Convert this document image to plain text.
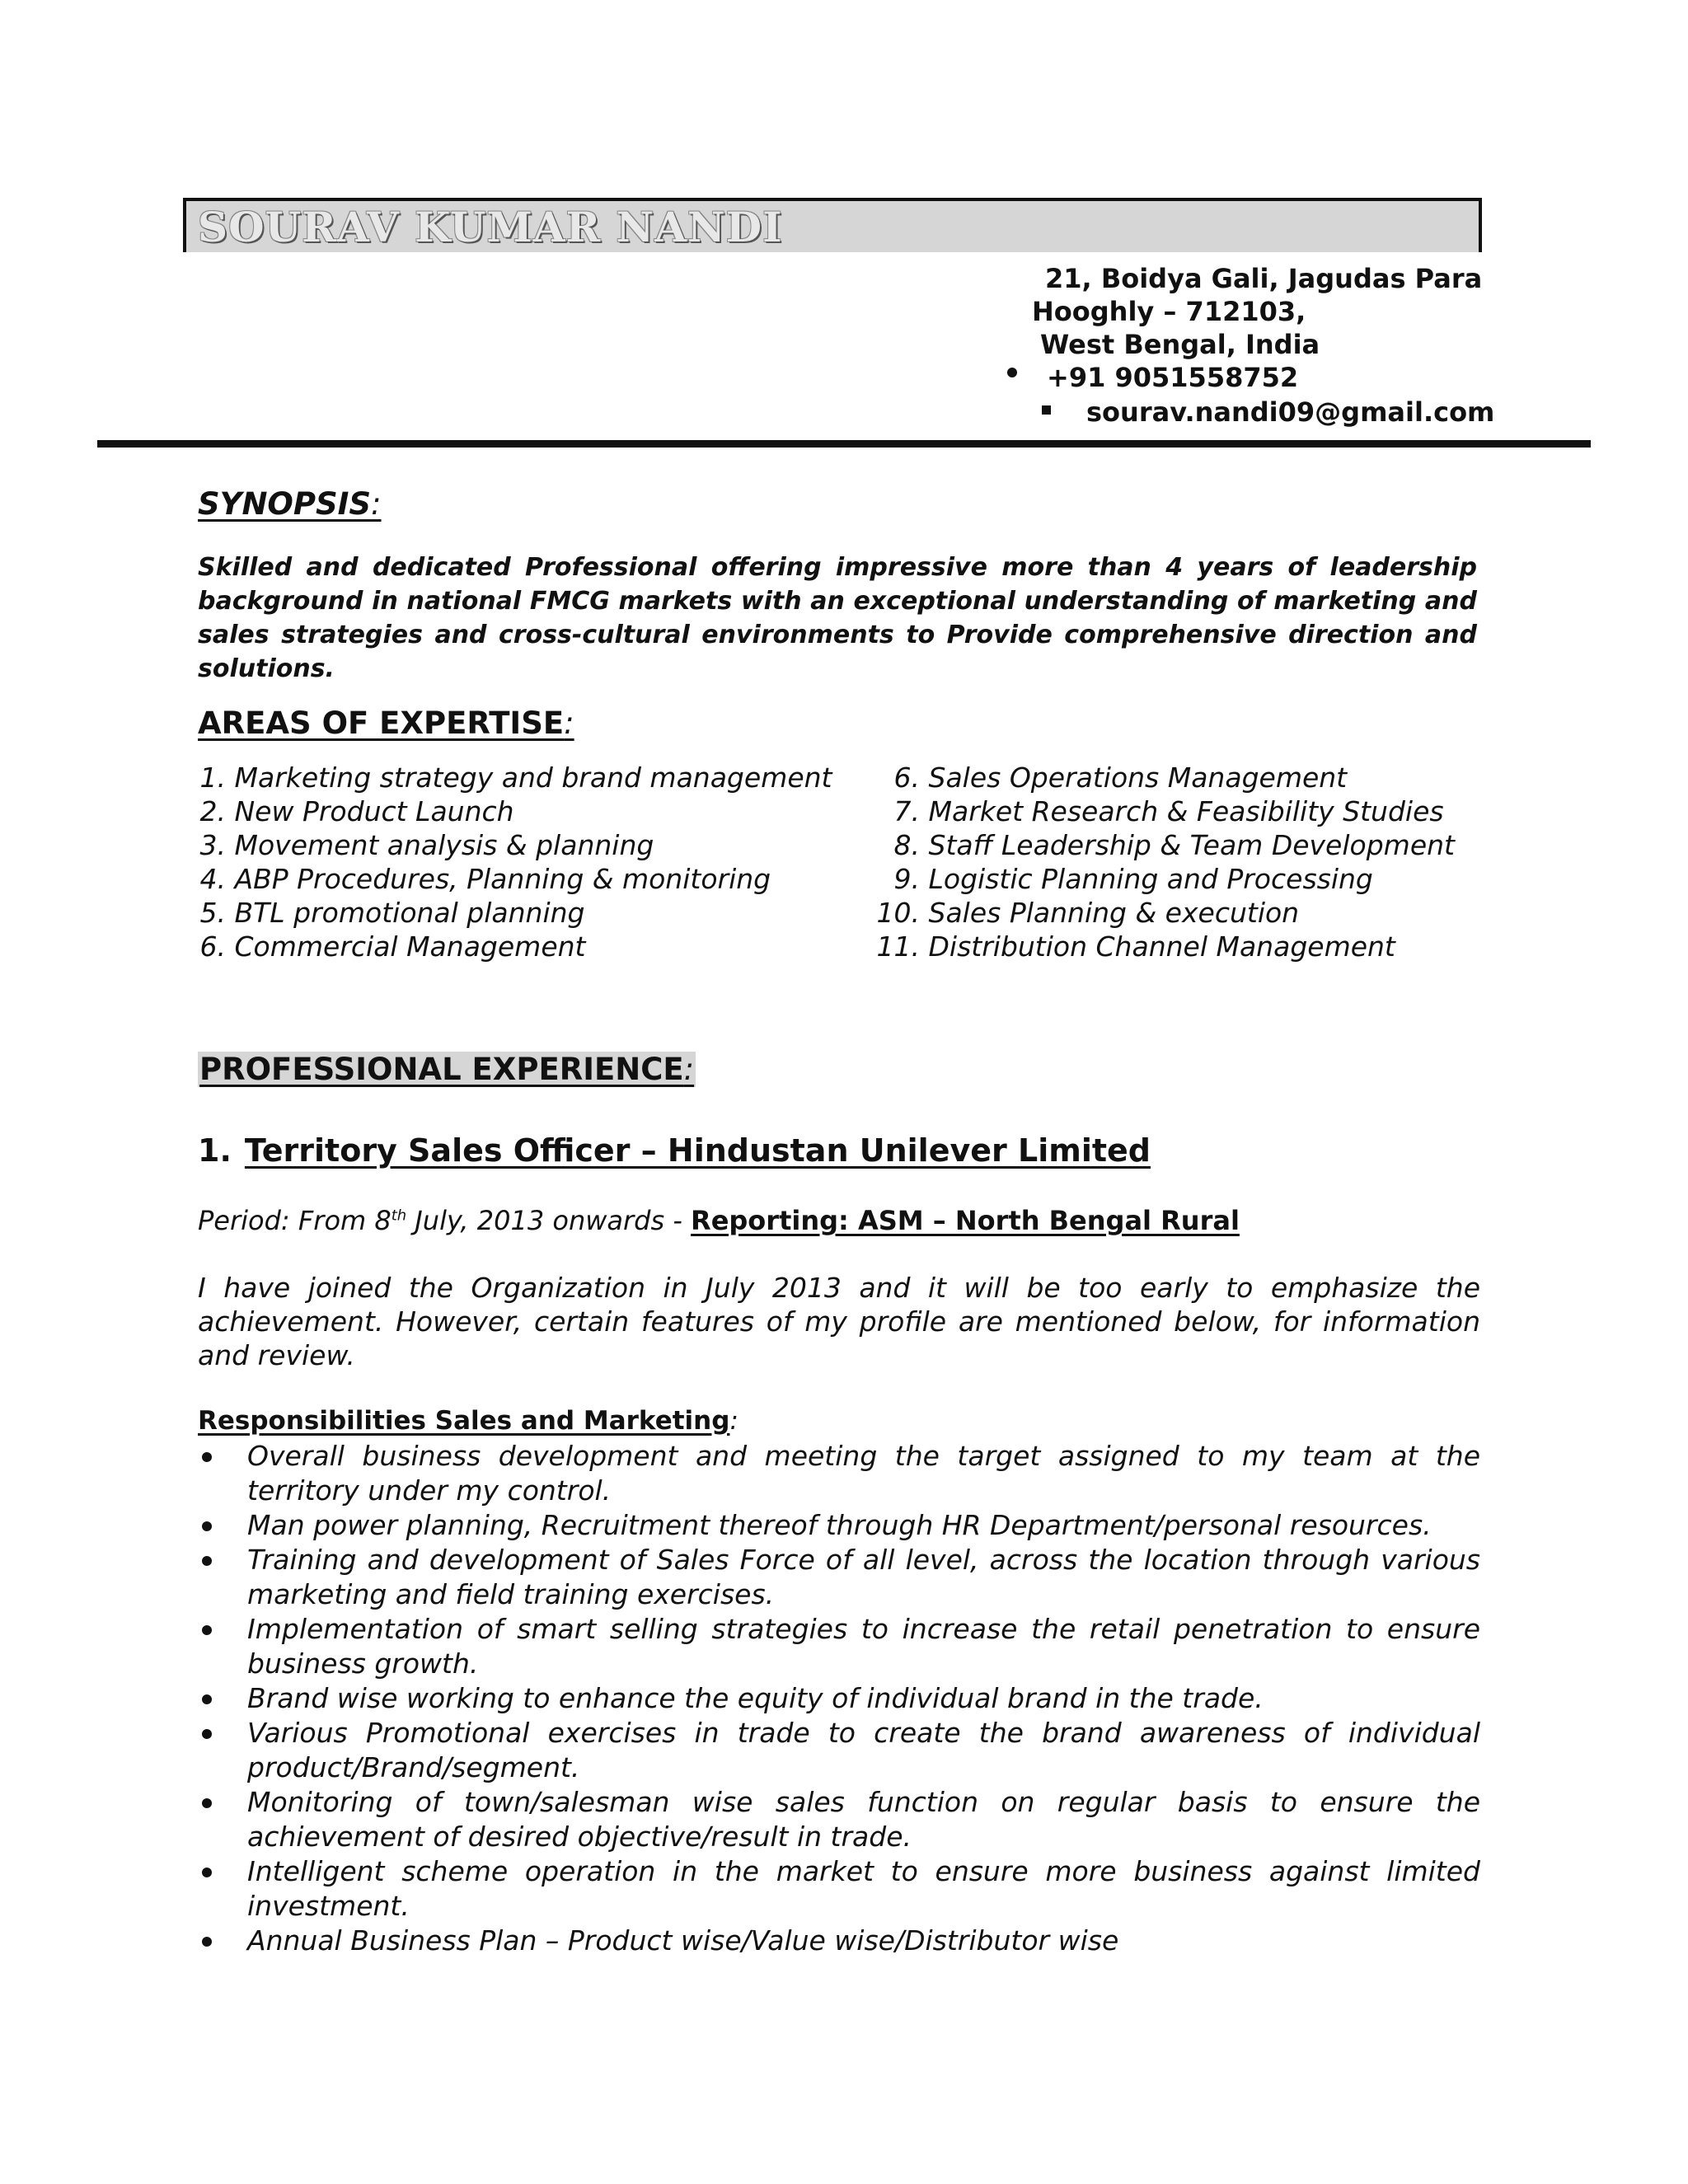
SOURAV KUMAR NANDI
21, Boidya Gali, Jagudas Para
Hooghly – 712103,
West Bengal, India
+91 9051558752
sourav.nandi09@gmail.com
SYNOPSIS:
Skilled and dedicated Professional offering impressive more than 4 years of leadership background in national FMCG markets with an exceptional understanding of marketing and sales strategies and cross-cultural environments to Provide comprehensive direction and solutions.
AREAS OF EXPERTISE:
1.
Marketing strategy and brand management
2.
New Product Launch
3.
Movement analysis & planning
4.
ABP Procedures, Planning & monitoring
5.
BTL promotional planning
6.
Commercial Management
6.
Sales Operations Management
7.
Market Research & Feasibility Studies
8.
Staff Leadership & Team Development
9.
Logistic Planning and Processing
10.
Sales Planning & execution
11.
Distribution Channel Management
PROFESSIONAL EXPERIENCE:
1. Territory Sales Officer – Hindustan Unilever Limited
Period: From 8th July, 2013 onwards - Reporting: ASM – North Bengal Rural
I have joined the Organization in July 2013 and it will be too early to emphasize the achievement. However, certain features of my profile are mentioned below, for information and review.
Responsibilities Sales and Marketing:
Overall business development and meeting the target assigned to my team at the territory under my control.
Man power planning, Recruitment thereof through HR Department/personal resources.
Training and development of Sales Force of all level, across the location through various marketing and field training exercises.
Implementation of smart selling strategies to increase the retail penetration to ensure business growth.
Brand wise working to enhance the equity of individual brand in the trade.
Various Promotional exercises in trade to create the brand awareness of individual product/Brand/segment.
Monitoring of town/salesman wise sales function on regular basis to ensure the achievement of desired objective/result in trade.
Intelligent scheme operation in the market to ensure more business against limited investment.
Annual Business Plan – Product wise/Value wise/Distributor wise
